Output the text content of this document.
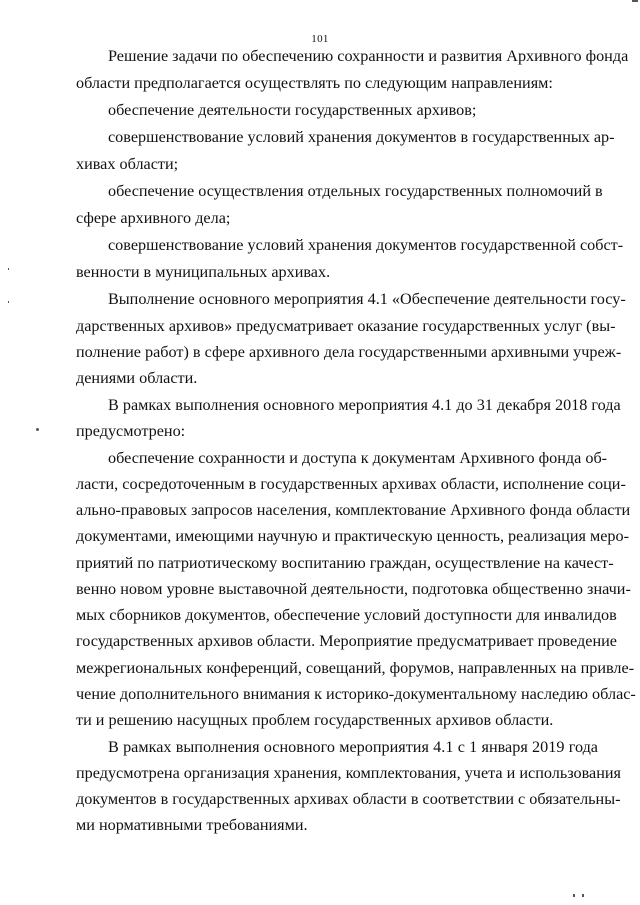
101
Решение задачи по обеспечению сохранности и развития Архивного фонда
области предполагается осуществлять по следующим направлениям:
обеспечение деятельности государственных архивов;
совершенствование условий хранения документов в государственных ар-
хивах области;
обеспечение осуществления отдельных государственных полномочий в
сфере архивного дела;
совершенствование условий хранения документов государственной собст-
венности в муниципальных архивах.
Выполнение основного мероприятия 4.1 «Обеспечение деятельности госу-
дарственных архивов» предусматривает оказание государственных услуг (вы-
полнение работ) в сфере архивного дела государственными архивными учреж-
дениями области.
В рамках выполнения основного мероприятия 4.1 до 31 декабря 2018 года
предусмотрено:
обеспечение сохранности и доступа к документам Архивного фонда об-
ласти, сосредоточенным в государственных архивах области, исполнение соци-
ально-правовых запросов населения, комплектование Архивного фонда области
документами, имеющими научную и практическую ценность, реализация меро-
приятий по патриотическому воспитанию граждан, осуществление на качест-
венно новом уровне выставочной деятельности, подготовка общественно значи-
мых сборников документов, обеспечение условий доступности для инвалидов
государственных архивов области. Мероприятие предусматривает проведение
межрегиональных конференций, совещаний, форумов, направленных на привле-
чение дополнительного внимания к историко-документальному наследию облас-
ти и решению насущных проблем государственных архивов области.
В рамках выполнения основного мероприятия 4.1 с 1 января 2019 года
предусмотрена организация хранения, комплектования, учета и использования
документов в государственных архивах области в соответствии с обязательны-
ми нормативными требованиями.
